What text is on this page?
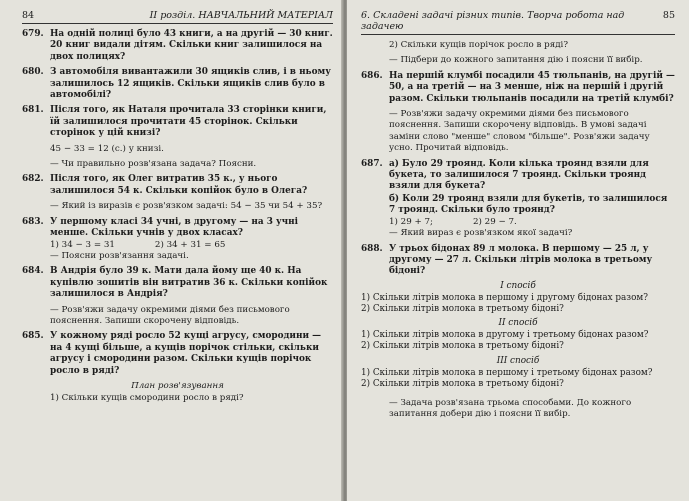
84	ІІ розділ. НАВЧАЛЬНИЙ МАТЕРІАЛ
679. На одній полиці було 43 книги, а на другій — 30 книг. 20 книг видали дітям. Скільки книг залишилося на двох полицях?
680. З автомобіля вивантажили 30 ящиків слив, і в ньому залишилось 12 ящиків. Скільки ящиків слив було в автомобілі?
681. Після того, як Наталя прочитала 33 сторінки книги, їй залишилося прочитати 45 сторінок. Скільки сторінок у цій книзі?
45 − 33 = 12 (с.) у книзі.
— Чи правильно розв'язана задача? Поясни.
682. Після того, як Олег витратив 35 к., у нього залишилося 54 к. Скільки копійок було в Олега?
— Який із виразів є розв'язком задачі: 54 − 35 чи 54 + 35?
683. У першому класі 34 учні, в другому — на 3 учні менше. Скільки учнів у двох класах?
1) 34 − 3 = 31	2) 34 + 31 = 65
— Поясни розв'язання задачі.
684. В Андрія було 39 к. Мати дала йому ще 40 к. На купівлю зошитів він витратив 36 к. Скільки копійок залишилося в Андрія?
— Розв'яжи задачу окремими діями без письмового пояснення. Запиши скорочену відповідь.
685. У кожному ряді росло 52 кущі агрусу, смородини — на 4 кущі більше, а кущів порічок стільки, скільки агрусу і смородини разом. Скільки кущів порічок росло в ряді?
План розв'язування
1) Скільки кущів смородини росло в ряді?
6. Складені задачі різних типів. Творча робота над задачею
85
2) Скільки кущів порічок росло в ряді?
— Підбери до кожного запитання дію і поясни її вибір.
686. На першій клумбі посадили 45 тюльпанів, на другій — 50, а на третій — на 3 менше, ніж на першій і другій разом. Скільки тюльпанів посадили на третій клумбі?
— Розв'яжи задачу окремими діями без письмового пояснення. Запиши скорочену відповідь. В умові задачі заміни слово "менше" словом "більше". Розв'яжи задачу усно. Прочитай відповідь.
687. а) Було 29 троянд. Коли кілька троянд взяли для букета, то залишилося 7 троянд. Скільки троянд взяли для букета?
б) Коли 29 троянд взяли для букетів, то залишилося 7 троянд. Скільки було троянд?
1) 29 + 7;	2) 29 − 7.
— Який вираз є розв'язком якої задачі?
688. У трьох бідонах 89 л молока. В першому — 25 л, у другому — 27 л. Скільки літрів молока в третьому бідоні?
І спосіб
1) Скільки літрів молока в першому і другому бідонах разом?
2) Скільки літрів молока в третьому бідоні?
ІІ спосіб
1) Скільки літрів молока в другому і третьому бідонах разом?
2) Скільки літрів молока в третьому бідоні?
ІІІ спосіб
1) Скільки літрів молока в першому і третьому бідонах разом?
2) Скільки літрів молока в третьому бідоні?
— Задача розв'язана трьома способами. До кожного запитання добери дію і поясни її вибір.
